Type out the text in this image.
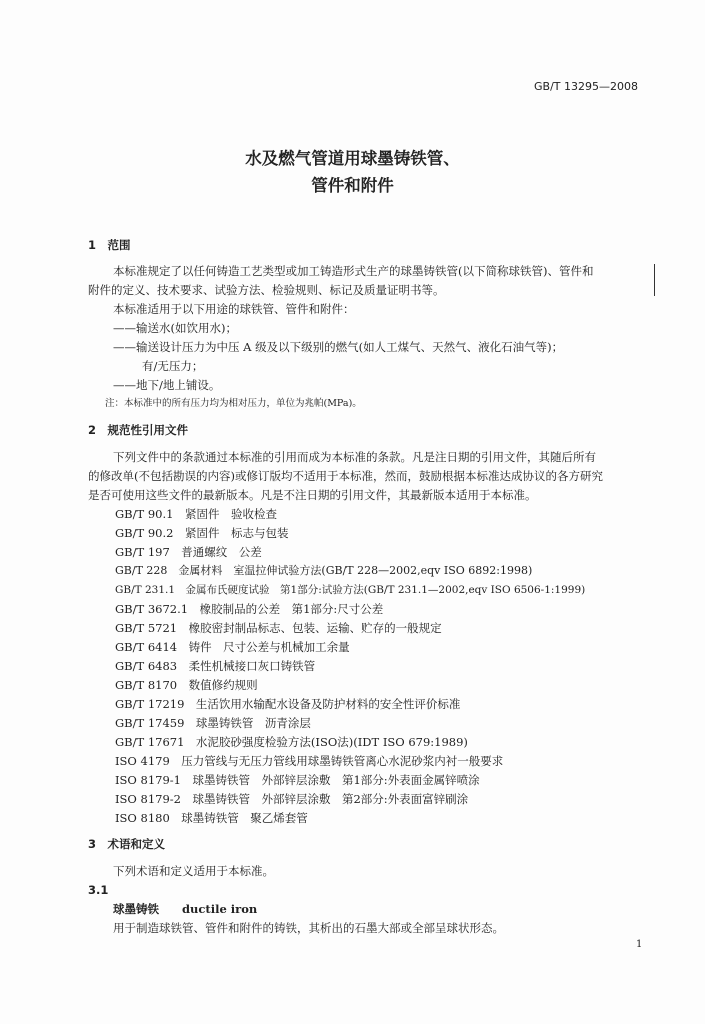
GB/T 13295—2008
水及燃气管道用球墨铸铁管、
管件和附件
1　范围
本标准规定了以任何铸造工艺类型或加工铸造形式生产的球墨铸铁管(以下简称球铁管)、管件和
附件的定义、技术要求、试验方法、检验规则、标记及质量证明书等。
本标准适用于以下用途的球铁管、管件和附件：
——输送水(如饮用水)；
——输送设计压力为中压 A 级及以下级别的燃气(如人工煤气、天然气、液化石油气等)；
有/无压力；
——地下/地上铺设。
注：本标准中的所有压力均为相对压力，单位为兆帕(MPa)。
2　规范性引用文件
下列文件中的条款通过本标准的引用而成为本标准的条款。凡是注日期的引用文件，其随后所有
的修改单(不包括勘误的内容)或修订版均不适用于本标准，然而，鼓励根据本标准达成协议的各方研究
是否可使用这些文件的最新版本。凡是不注日期的引用文件，其最新版本适用于本标准。
GB/T 90.1　紧固件　验收检查
GB/T 90.2　紧固件　标志与包装
GB/T 197　普通螺纹　公差
GB/T 228　金属材料　室温拉伸试验方法(GB/T 228—2002,eqv ISO 6892:1998)
GB/T 231.1　金属布氏硬度试验　第1部分:试验方法(GB/T 231.1—2002,eqv ISO 6506-1:1999)
GB/T 3672.1　橡胶制品的公差　第1部分:尺寸公差
GB/T 5721　橡胶密封制品标志、包装、运输、贮存的一般规定
GB/T 6414　铸件　尺寸公差与机械加工余量
GB/T 6483　柔性机械接口灰口铸铁管
GB/T 8170　数值修约规则
GB/T 17219　生活饮用水输配水设备及防护材料的安全性评价标准
GB/T 17459　球墨铸铁管　沥青涂层
GB/T 17671　水泥胶砂强度检验方法(ISO法)(IDT ISO 679:1989)
ISO 4179　压力管线与无压力管线用球墨铸铁管离心水泥砂浆内衬一般要求
ISO 8179-1　球墨铸铁管　外部锌层涂敷　第1部分:外表面金属锌喷涂
ISO 8179-2　球墨铸铁管　外部锌层涂敷　第2部分:外表面富锌刷涂
ISO 8180　球墨铸铁管　聚乙烯套管
3　术语和定义
下列术语和定义适用于本标准。
3.1
球墨铸铁 ductile iron
用于制造球铁管、管件和附件的铸铁，其析出的石墨大部或全部呈球状形态。
1
